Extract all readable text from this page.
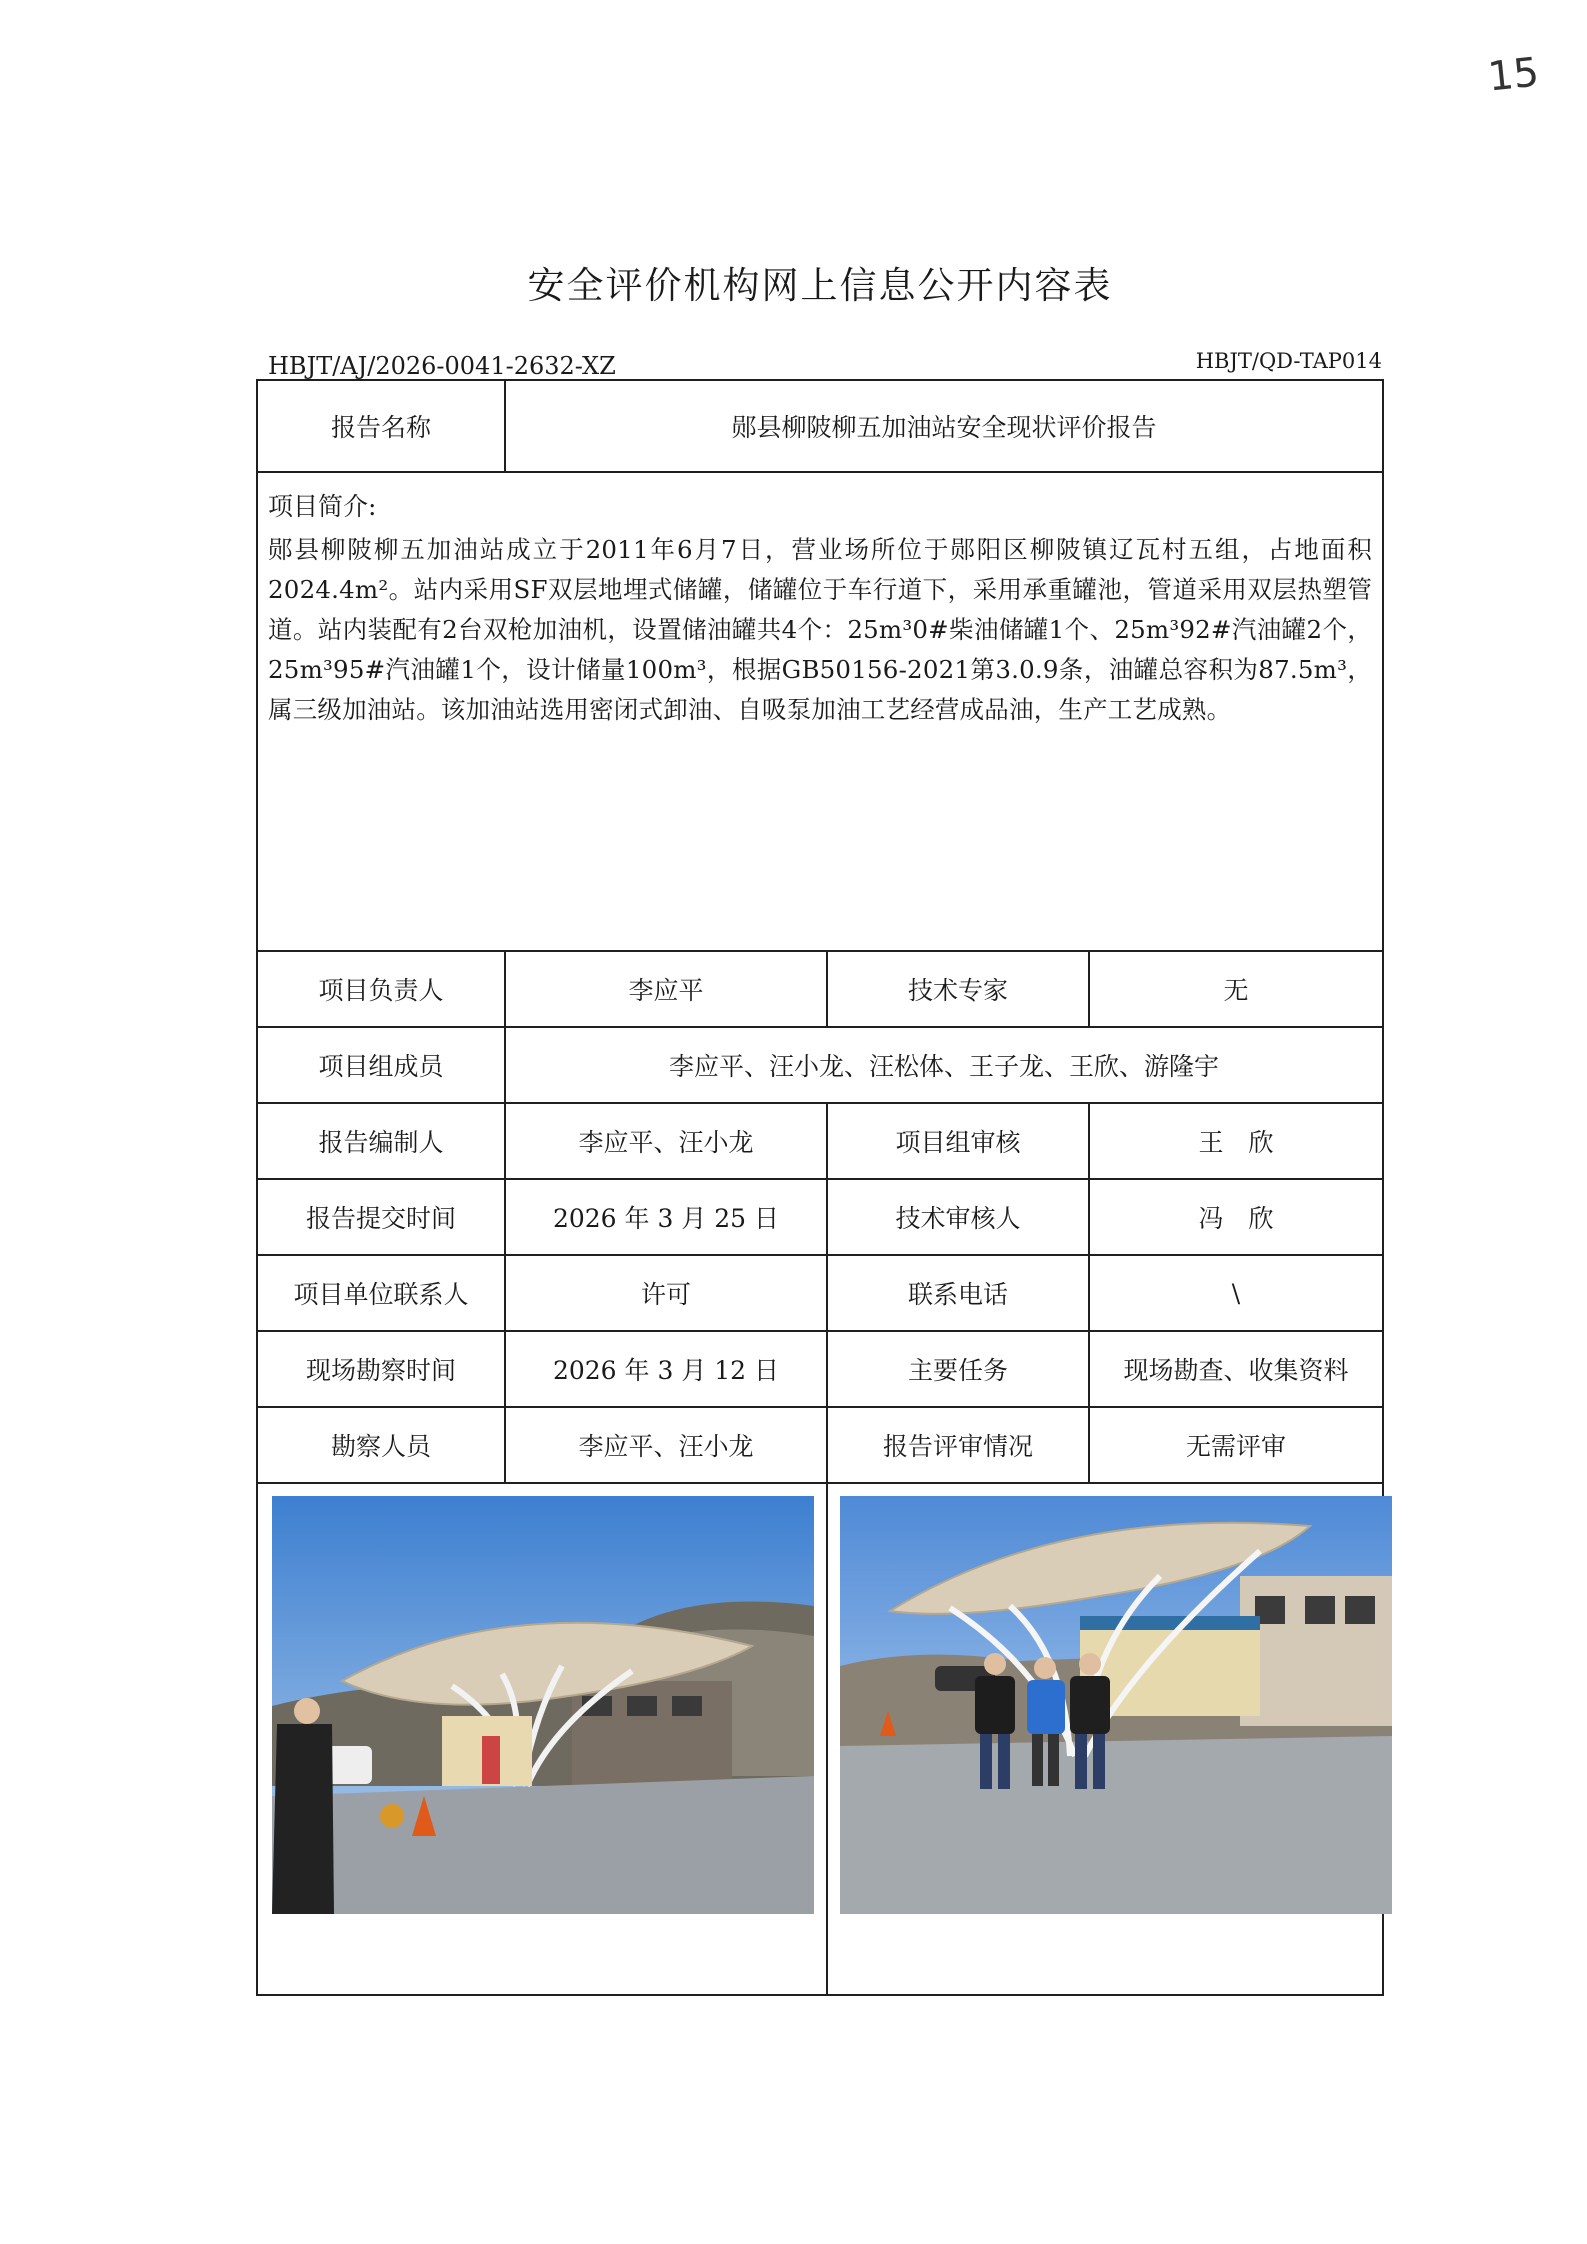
15
安全评价机构网上信息公开内容表
HBJT/AJ/2026-0041-2632-XZ	HBJT/QD-TAP014
报告名称	郧县柳陂柳五加油站安全现状评价报告		

项目简介:
郧县柳陂柳五加油站成立于2011年6月7日，营业场所位于郧阳区柳陂镇辽瓦村五组，占地面积2024.4m²。站内采用SF双层地埋式储罐，储罐位于车行道下，采用承重罐池，管道采用双层热塑管道。站内装配有2台双枪加油机，设置储油罐共4个：25m³0#柴油储罐1个、25m³92#汽油罐2个，25m³95#汽油罐1个，设计储量100m³，根据GB50156-2021第3.0.9条，油罐总容积为87.5m³，属三级加油站。该加油站选用密闭式卸油、自吸泵加油工艺经营成品油，生产工艺成熟。			

项目负责人	李应平	技术专家	无
项目组成员	李应平、汪小龙、汪松体、王子龙、王欣、游隆宇		
报告编制人	李应平、汪小龙	项目组审核	王　欣
报告提交时间	2026 年 3 月 25 日	技术审核人	冯　欣
项目单位联系人	许可	联系电话	\
现场勘察时间	2026 年 3 月 12 日	主要任务	现场勘查、收集资料
勘察人员	李应平、汪小龙	报告评审情况	无需评审
